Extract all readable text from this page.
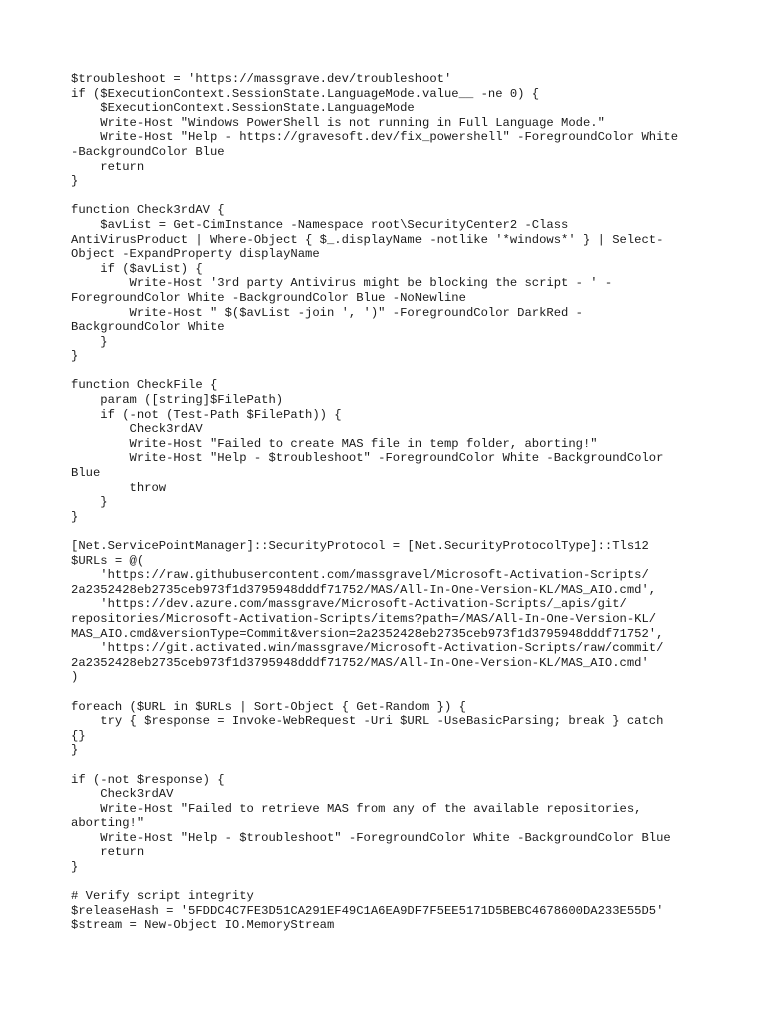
$troubleshoot = 'https://massgrave.dev/troubleshoot'
if ($ExecutionContext.SessionState.LanguageMode.value__ -ne 0) {
$ExecutionContext.SessionState.LanguageMode
Write-Host "Windows PowerShell is not running in Full Language Mode."
Write-Host "Help - https://gravesoft.dev/fix_powershell" -ForegroundColor White
-BackgroundColor Blue
return
}
function Check3rdAV {
$avList = Get-CimInstance -Namespace root\SecurityCenter2 -Class
AntiVirusProduct | Where-Object { $_.displayName -notlike '*windows*' } | Select-
Object -ExpandProperty displayName
if ($avList) {
Write-Host '3rd party Antivirus might be blocking the script - ' -
ForegroundColor White -BackgroundColor Blue -NoNewline
Write-Host " $($avList -join ', ')" -ForegroundColor DarkRed -
BackgroundColor White
}
}
function CheckFile {
param ([string]$FilePath)
if (-not (Test-Path $FilePath)) {
Check3rdAV
Write-Host "Failed to create MAS file in temp folder, aborting!"
Write-Host "Help - $troubleshoot" -ForegroundColor White -BackgroundColor
Blue
throw
}
}
[Net.ServicePointManager]::SecurityProtocol = [Net.SecurityProtocolType]::Tls12
$URLs = @(
'https://raw.githubusercontent.com/massgravel/Microsoft-Activation-Scripts/
2a2352428eb2735ceb973f1d3795948dddf71752/MAS/All-In-One-Version-KL/MAS_AIO.cmd',
'https://dev.azure.com/massgrave/Microsoft-Activation-Scripts/_apis/git/
repositories/Microsoft-Activation-Scripts/items?path=/MAS/All-In-One-Version-KL/
MAS_AIO.cmd&versionType=Commit&version=2a2352428eb2735ceb973f1d3795948dddf71752',
'https://git.activated.win/massgrave/Microsoft-Activation-Scripts/raw/commit/
2a2352428eb2735ceb973f1d3795948dddf71752/MAS/All-In-One-Version-KL/MAS_AIO.cmd'
)
foreach ($URL in $URLs | Sort-Object { Get-Random }) {
try { $response = Invoke-WebRequest -Uri $URL -UseBasicParsing; break } catch
{}
}
if (-not $response) {
Check3rdAV
Write-Host "Failed to retrieve MAS from any of the available repositories,
aborting!"
Write-Host "Help - $troubleshoot" -ForegroundColor White -BackgroundColor Blue
return
}
# Verify script integrity
$releaseHash = '5FDDC4C7FE3D51CA291EF49C1A6EA9DF7F5EE5171D5BEBC4678600DA233E55D5'
$stream = New-Object IO.MemoryStream
